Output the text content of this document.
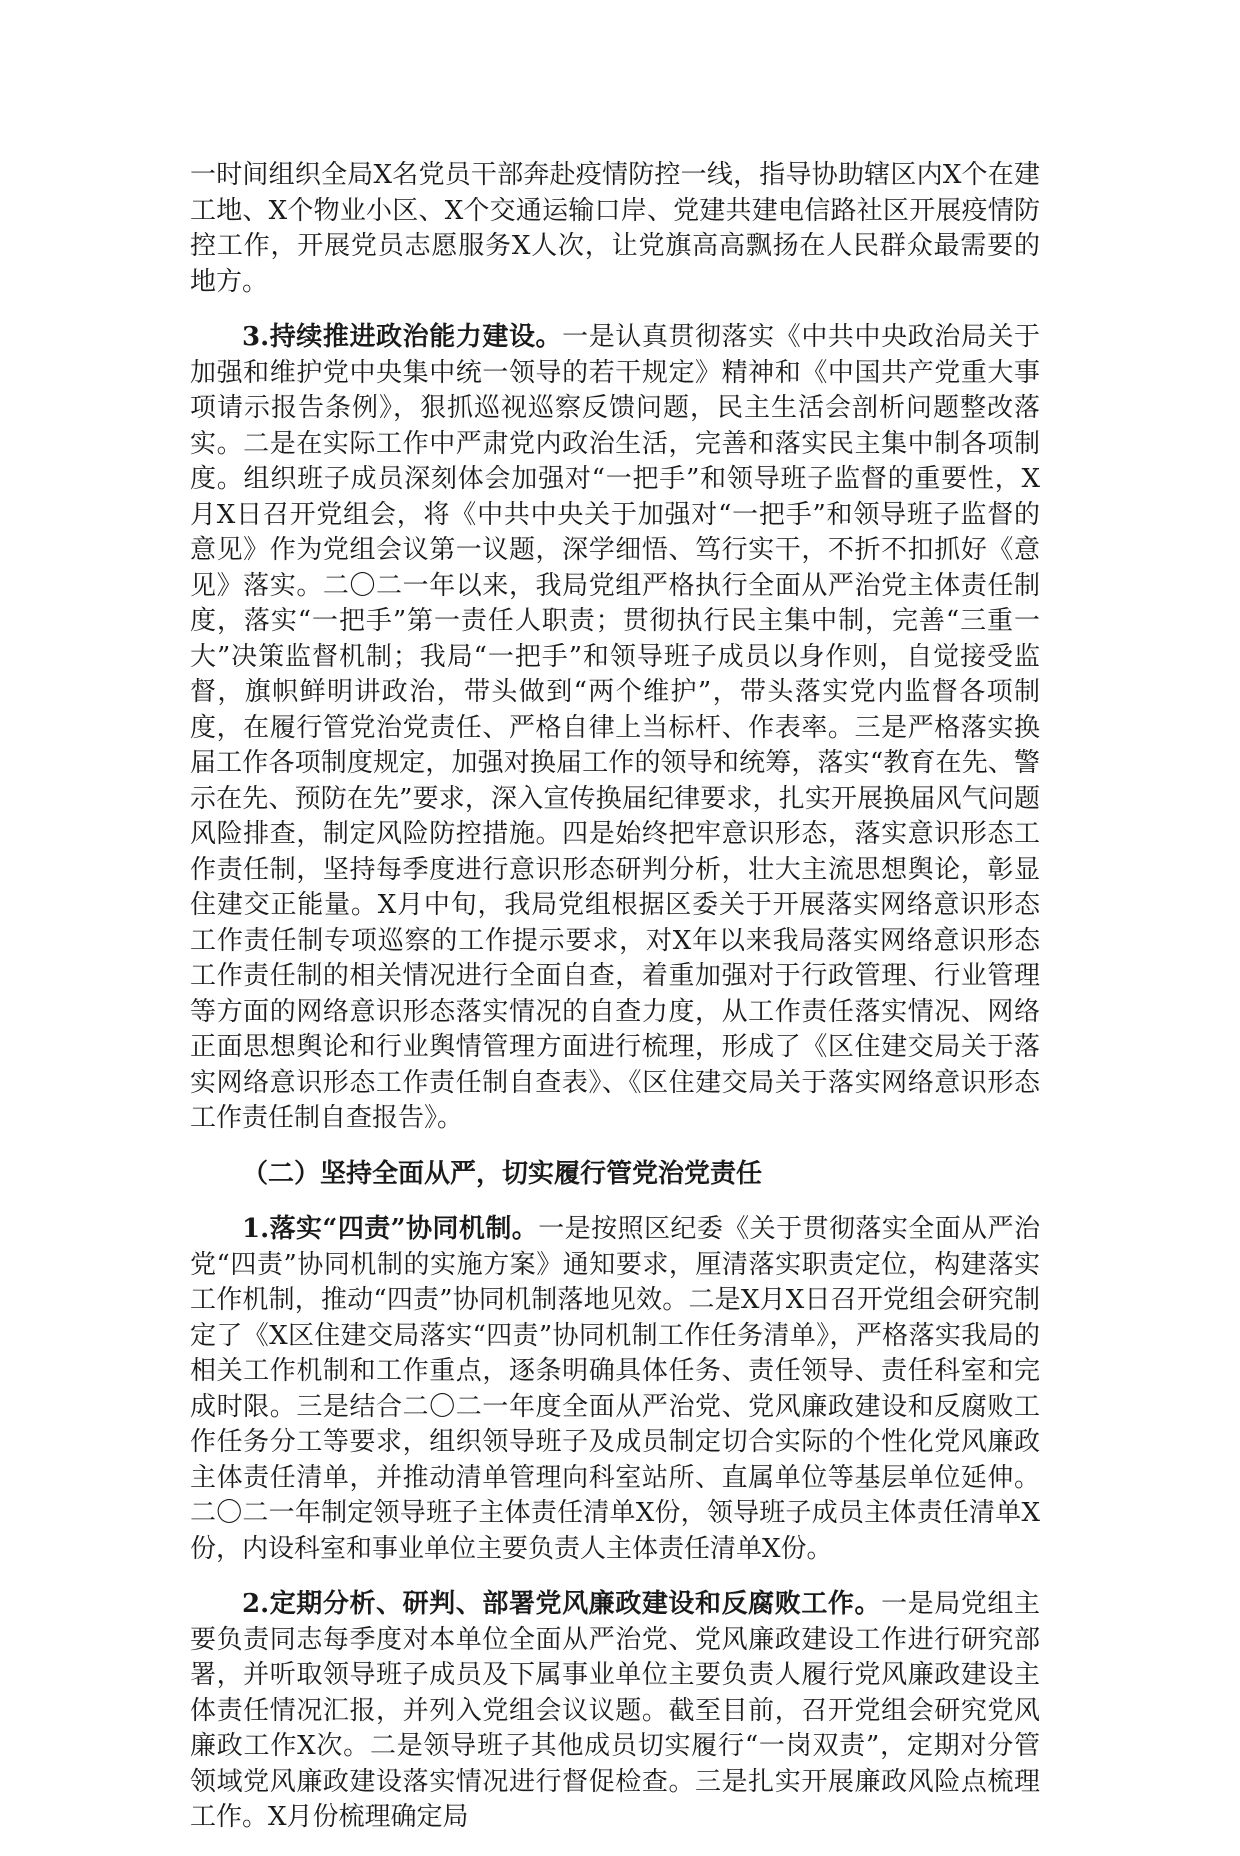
一时间组织全局X名党员干部奔赴疫情防控一线，指导协助辖区内X个在建工地、X个物业小区、X个交通运输口岸、党建共建电信路社区开展疫情防控工作，开展党员志愿服务X人次，让党旗高高飘扬在人民群众最需要的地方。

3.持续推进政治能力建设。一是认真贯彻落实《中共中央政治局关于加强和维护党中央集中统一领导的若干规定》精神和《中国共产党重大事项请示报告条例》，狠抓巡视巡察反馈问题，民主生活会剖析问题整改落实。二是在实际工作中严肃党内政治生活，完善和落实民主集中制各项制度。组织班子成员深刻体会加强对“一把手”和领导班子监督的重要性，X月X日召开党组会，将《中共中央关于加强对“一把手”和领导班子监督的意见》作为党组会议第一议题，深学细悟、笃行实干，不折不扣抓好《意见》落实。二〇二一年以来，我局党组严格执行全面从严治党主体责任制度，落实“一把手”第一责任人职责；贯彻执行民主集中制，完善“三重一大”决策监督机制；我局“一把手”和领导班子成员以身作则，自觉接受监督，旗帜鲜明讲政治，带头做到“两个维护”，带头落实党内监督各项制度，在履行管党治党责任、严格自律上当标杆、作表率。三是严格落实换届工作各项制度规定，加强对换届工作的领导和统筹，落实“教育在先、警示在先、预防在先”要求，深入宣传换届纪律要求，扎实开展换届风气问题风险排查，制定风险防控措施。四是始终把牢意识形态，落实意识形态工作责任制，坚持每季度进行意识形态研判分析，壮大主流思想舆论，彰显住建交正能量。X月中旬，我局党组根据区委关于开展落实网络意识形态工作责任制专项巡察的工作提示要求，对X年以来我局落实网络意识形态工作责任制的相关情况进行全面自查，着重加强对于行政管理、行业管理等方面的网络意识形态落实情况的自查力度，从工作责任落实情况、网络正面思想舆论和行业舆情管理方面进行梳理，形成了《区住建交局关于落实网络意识形态工作责任制自查表》、《区住建交局关于落实网络意识形态工作责任制自查报告》。

（二）坚持全面从严，切实履行管党治党责任

1.落实“四责”协同机制。一是按照区纪委《关于贯彻落实全面从严治党“四责”协同机制的实施方案》通知要求，厘清落实职责定位，构建落实工作机制，推动“四责”协同机制落地见效。二是X月X日召开党组会研究制定了《X区住建交局落实“四责”协同机制工作任务清单》，严格落实我局的相关工作机制和工作重点，逐条明确具体任务、责任领导、责任科室和完成时限。三是结合二〇二一年度全面从严治党、党风廉政建设和反腐败工作任务分工等要求，组织领导班子及成员制定切合实际的个性化党风廉政主体责任清单，并推动清单管理向科室站所、直属单位等基层单位延伸。二〇二一年制定领导班子主体责任清单X份，领导班子成员主体责任清单X份，内设科室和事业单位主要负责人主体责任清单X份。

2.定期分析、研判、部署党风廉政建设和反腐败工作。一是局党组主要负责同志每季度对本单位全面从严治党、党风廉政建设工作进行研究部署，并听取领导班子成员及下属事业单位主要负责人履行党风廉政建设主体责任情况汇报，并列入党组会议议题。截至目前，召开党组会研究党风廉政工作X次。二是领导班子其他成员切实履行“一岗双责”，定期对分管领域党风廉政建设落实情况进行督促检查。三是扎实开展廉政风险点梳理工作。X月份梳理确定局
